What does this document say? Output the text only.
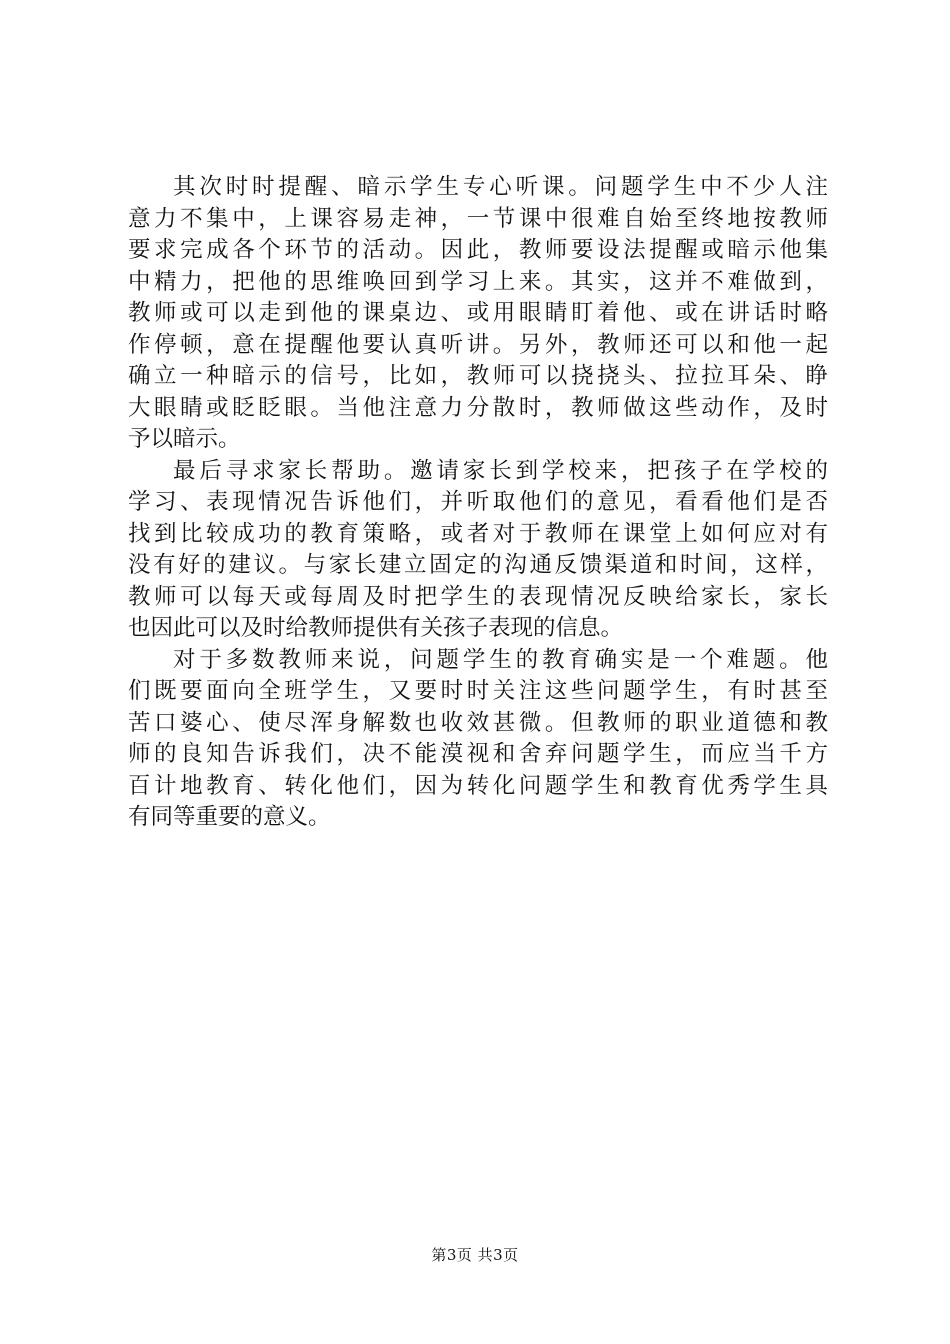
其次时时提醒、暗示学生专心听课。问题学生中不少人注
意力不集中，上课容易走神，一节课中很难自始至终地按教师
要求完成各个环节的活动。因此，教师要设法提醒或暗示他集
中精力，把他的思维唤回到学习上来。其实，这并不难做到，
教师或可以走到他的课桌边、或用眼睛盯着他、或在讲话时略
作停顿，意在提醒他要认真听讲。另外，教师还可以和他一起
确立一种暗示的信号，比如，教师可以挠挠头、拉拉耳朵、睁
大眼睛或眨眨眼。当他注意力分散时，教师做这些动作，及时
予以暗示。
最后寻求家长帮助。邀请家长到学校来，把孩子在学校的
学习、表现情况告诉他们，并听取他们的意见，看看他们是否
找到比较成功的教育策略，或者对于教师在课堂上如何应对有
没有好的建议。与家长建立固定的沟通反馈渠道和时间，这样，
教师可以每天或每周及时把学生的表现情况反映给家长，家长
也因此可以及时给教师提供有关孩子表现的信息。
对于多数教师来说，问题学生的教育确实是一个难题。他
们既要面向全班学生，又要时时关注这些问题学生，有时甚至
苦口婆心、使尽浑身解数也收效甚微。但教师的职业道德和教
师的良知告诉我们，决不能漠视和舍弃问题学生，而应当千方
百计地教育、转化他们，因为转化问题学生和教育优秀学生具
有同等重要的意义。
第3页 共3页
